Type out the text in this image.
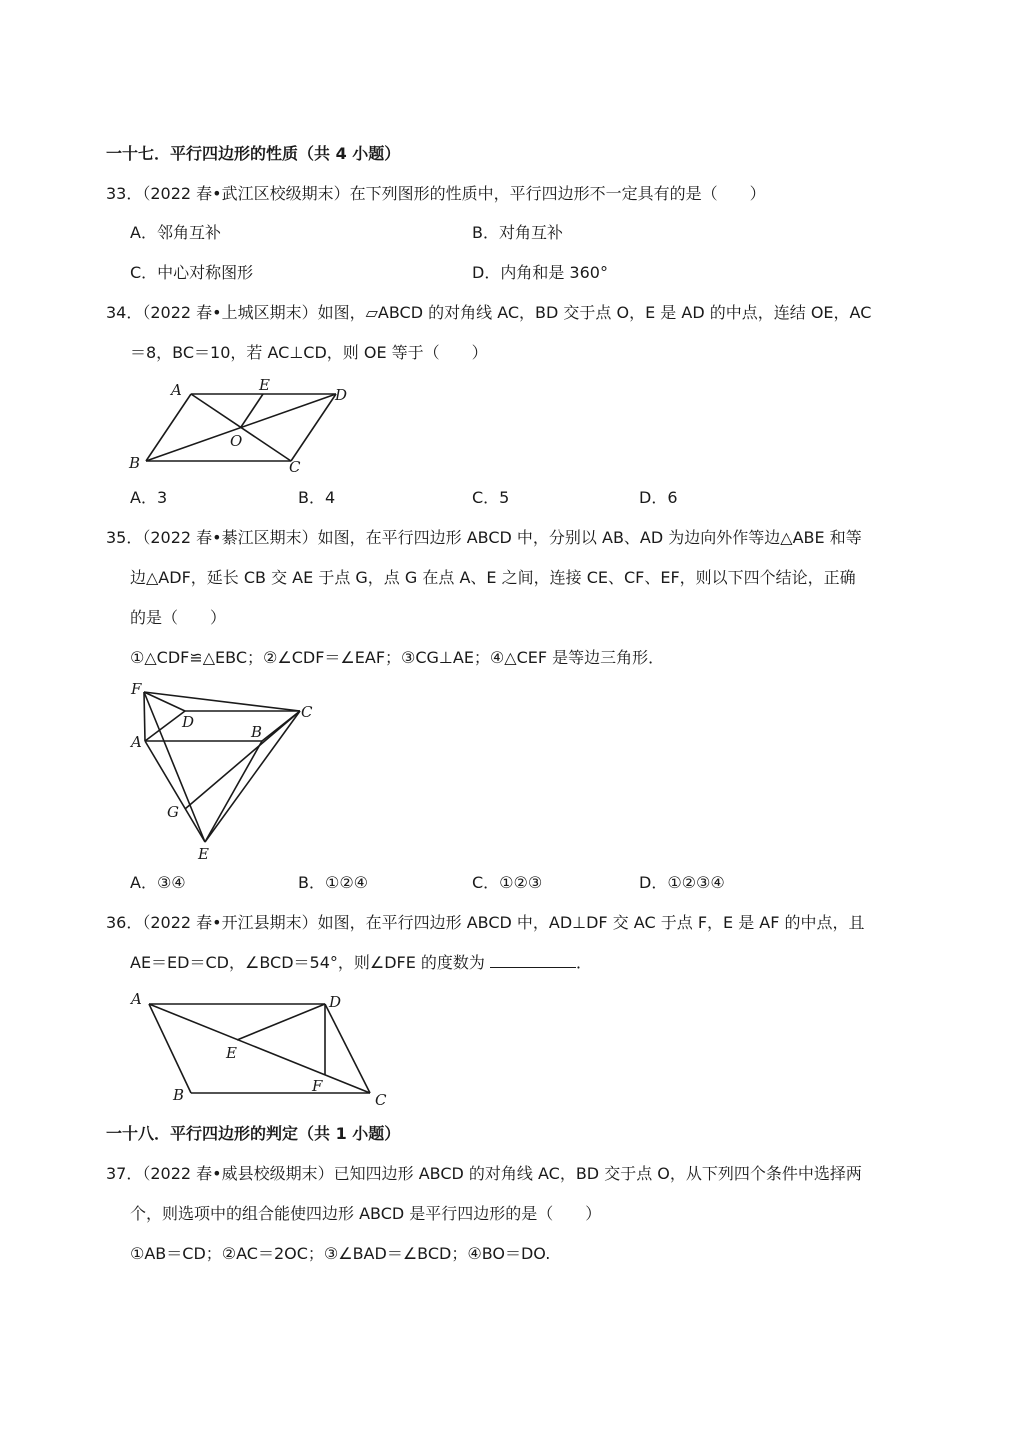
一十七．平行四边形的性质（共 4 小题）
33．（2022 春•武江区校级期末）在下列图形的性质中，平行四边形不一定具有的是（　　）
A．邻角互补	B．对角互补
C．中心对称图形	D．内角和是 360°
34．（2022 春•上城区期末）如图，▱ABCD 的对角线 AC，BD 交于点 O，E 是 AD 的中点，连结 OE，AC
＝8，BC＝10，若 AC⊥CD，则 OE 等于（　　）
A	E
D
O
B	C
A．3	B．4	C．5	D．6
35．（2022 春•綦江区期末）如图，在平行四边形 ABCD 中，分别以 AB、AD 为边向外作等边△ABE 和等
边△ADF，延长 CB 交 AE 于点 G，点 G 在点 A、E 之间，连接 CE、CF、EF，则以下四个结论，正确
的是（　　）
①△CDF≌△EBC；②∠CDF＝∠EAF；③CG⊥AE；④△CEF 是等边三角形．
F
D
C
A
B
G
E
A．③④	B．①②④	C．①②③	D．①②③④
36．（2022 春•开江县期末）如图，在平行四边形 ABCD 中，AD⊥DF 交 AC 于点 F，E 是 AF 的中点，且
AE＝ED＝CD，∠BCD＝54°，则∠DFE 的度数为	．
A	D
E
B	F
C
一十八．平行四边形的判定（共 1 小题）
37．（2022 春•威县校级期末）已知四边形 ABCD 的对角线 AC，BD 交于点 O，从下列四个条件中选择两
个，则选项中的组合能使四边形 ABCD 是平行四边形的是（　　）
①AB＝CD；②AC＝2OC；③∠BAD＝∠BCD；④BO＝DO.
